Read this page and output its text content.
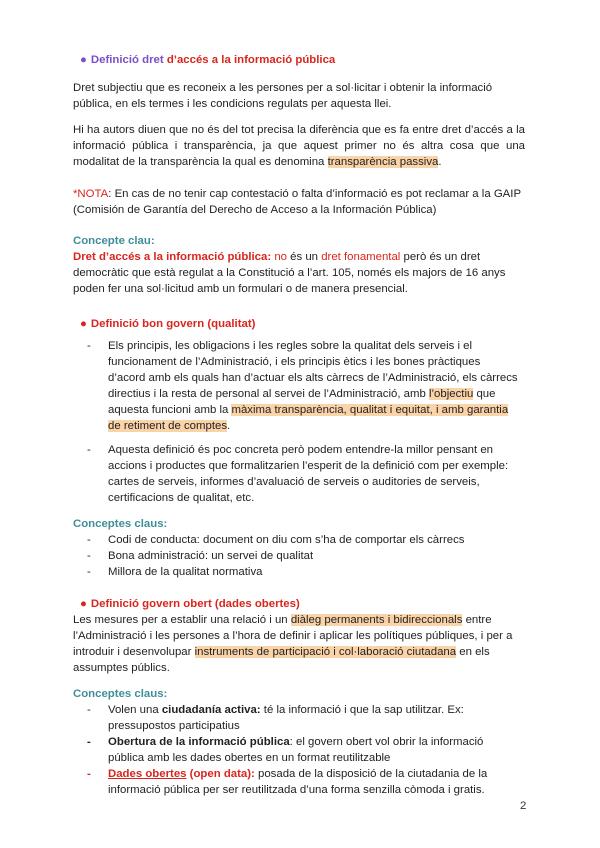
● Definició dret d’accés a la informació pública
Dret subjectiu que es reconeix a les persones per a sol·licitar i obtenir la informació pública, en els termes i les condicions regulats per aquesta llei.
Hi ha autors diuen que no és del tot precisa la diferència que es fa entre dret d’accés a la informació pública i transparència, ja que aquest primer no és altra cosa que una modalitat de la transparència la qual es denomina transparència passiva.
*NOTA: En cas de no tenir cap contestació o falta d’informació es pot reclamar a la GAIP (Comisión de Garantía del Derecho de Acceso a la Información Pública)
Concepte clau:
Dret d’accés a la informació pública: no és un dret fonamental però és un dret democràtic que està regulat a la Constitució a l’art. 105, només els majors de 16 anys poden fer una sol·licitud amb un formulari o de manera presencial.
● Definició bon govern (qualitat)
- Els principis, les obligacions i les regles sobre la qualitat dels serveis i el funcionament de l’Administració, i els principis ètics i les bones pràctiques d’acord amb els quals han d’actuar els alts càrrecs de l’Administració, els càrrecs directius i la resta de personal al servei de l’Administració, amb l’objectiu que aquesta funcioni amb la màxima transparència, qualitat i equitat, i amb garantia de retiment de comptes.
- Aquesta definició és poc concreta però podem entendre-la millor pensant en accions i productes que formalitzarien l’esperit de la definició com per exemple: cartes de serveis, informes d’avaluació de serveis o auditories de serveis, certificacions de qualitat, etc.
Conceptes claus:
- Codi de conducta: document on diu com s’ha de comportar els càrrecs
- Bona administració: un servei de qualitat
- Millora de la qualitat normativa
● Definició govern obert (dades obertes)
Les mesures per a establir una relació i un diàleg permanents i bidireccionals entre l’Administració i les persones a l’hora de definir i aplicar les polítiques públiques, i per a introduir i desenvolupar instruments de participació i col·laboració ciutadana en els assumptes públics.
Conceptes claus:
- Volen una ciudadanía activa: té la informació i que la sap utilitzar. Ex: pressupostos participatius
- Obertura de la informació pública: el govern obert vol obrir la informació pública amb les dades obertes en un format reutilitzable
- Dades obertes (open data): posada de la disposició de la ciutadania de la informació pública per ser reutilitzada d’una forma senzilla còmoda i gratis.
2
